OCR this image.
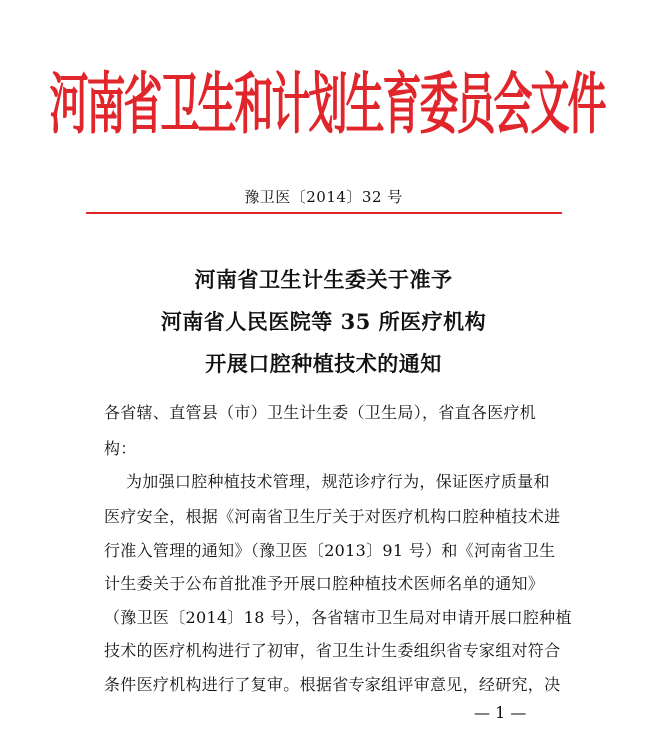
河南省卫生和计划生育委员会文件
豫卫医〔2014〕32 号
河南省卫生计生委关于准予
河南省人民医院等 35 所医疗机构
开展口腔种植技术的通知
各省辖、直管县（市）卫生计生委（卫生局），省直各医疗机
构：
为加强口腔种植技术管理，规范诊疗行为，保证医疗质量和
医疗安全，根据《河南省卫生厅关于对医疗机构口腔种植技术进
行准入管理的通知》（豫卫医〔2013〕91 号）和《河南省卫生
计生委关于公布首批准予开展口腔种植技术医师名单的通知》
（豫卫医〔2014〕18 号），各省辖市卫生局对申请开展口腔种植
技术的医疗机构进行了初审，省卫生计生委组织省专家组对符合
条件医疗机构进行了复审。根据省专家组评审意见，经研究，决
— 1 —
